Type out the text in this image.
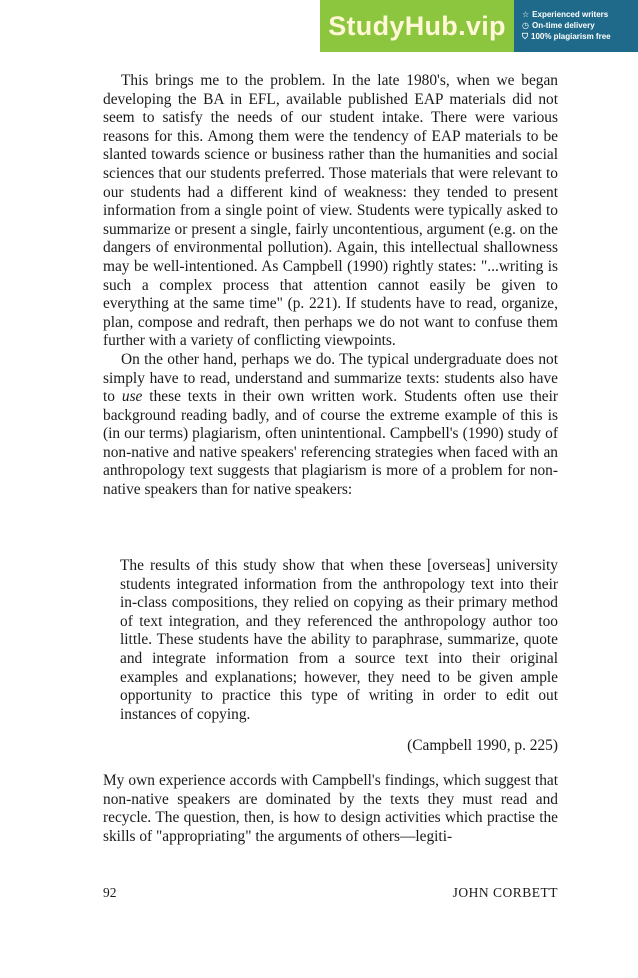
StudyHub.vip ☆ Experienced writers
◷ On-time delivery
⛉ 100% plagiarism free

This brings me to the problem. In the late 1980's, when we began developing the BA in EFL, available published EAP materials did not seem to satisfy the needs of our student intake. There were various reasons for this. Among them were the tendency of EAP materials to be slanted towards science or business rather than the humanities and social sciences that our students preferred. Those materials that were relevant to our students had a different kind of weakness: they tended to present information from a single point of view. Students were typically asked to summarize or present a single, fairly uncontentious, argument (e.g. on the dangers of environmental pollution). Again, this intellectual shallowness may be well-intentioned. As Campbell (1990) rightly states: "...writing is such a complex process that attention cannot easily be given to everything at the same time" (p. 221). If students have to read, organize, plan, compose and redraft, then perhaps we do not want to confuse them further with a variety of conflicting viewpoints.

On the other hand, perhaps we do. The typical undergraduate does not simply have to read, understand and summarize texts: students also have to use these texts in their own written work. Students often use their background reading badly, and of course the extreme example of this is (in our terms) plagiarism, often unintentional. Campbell's (1990) study of non-native and native speakers' referencing strategies when faced with an anthropology text suggests that plagiarism is more of a problem for non-native speakers than for native speakers:

The results of this study show that when these [overseas] university students integrated information from the anthropology text into their in-class compositions, they relied on copying as their primary method of text integration, and they referenced the anthropology author too little. These students have the ability to paraphrase, summarize, quote and integrate information from a source text into their original examples and explanations; however, they need to be given ample opportunity to practice this type of writing in order to edit out instances of copying.
(Campbell 1990, p. 225)

My own experience accords with Campbell's findings, which suggest that non-native speakers are dominated by the texts they must read and recycle. The question, then, is how to design activities which practise the skills of "appropriating" the arguments of others—legiti-

92	JOHN CORBETT
